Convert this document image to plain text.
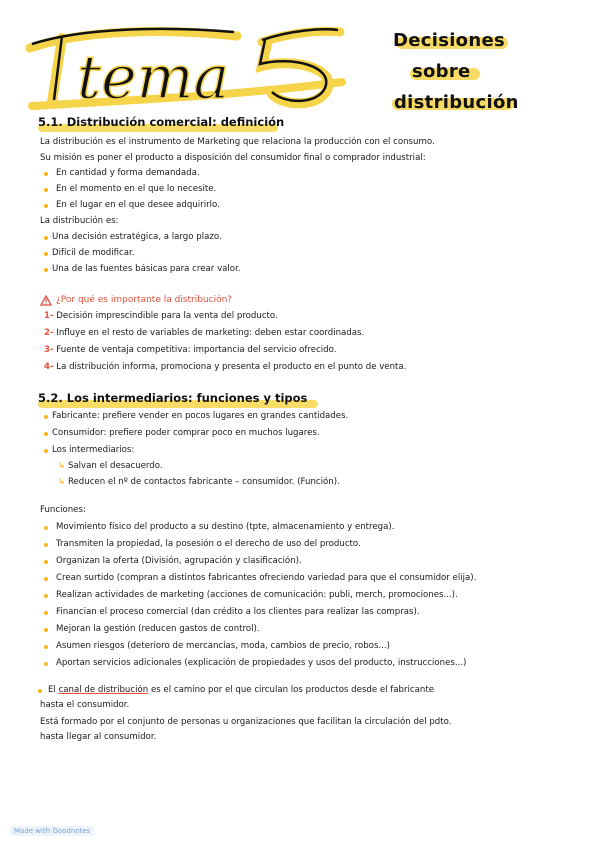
tema	5
Decisiones
sobre
distribución
5.1. Distribución comercial: definición
La distribución es el instrumento de Marketing que relaciona la producción con el consumo.
Su misión es poner el producto a disposición del consumidor final o comprador industrial:
En cantidad y forma demandada.
En el momento en el que lo necesite.
En el lugar en el que desee adquirirlo.
La distribución es:
Una decisión estratégica, a largo plazo.
Difícil de modificar.
Una de las fuentes básicas para crear valor.
¿Por qué es importante la distribución?
1- Decisión imprescindible para la venta del producto.
2- Influye en el resto de variables de marketing: deben estar coordinadas.
3- Fuente de ventaja competitiva: importancia del servicio ofrecido.
4- La distribución informa, promociona y presenta el producto en el punto de venta.
5.2. Los intermediarios: funciones y tipos
Fabricante: prefiere vender en pocos lugares en grandes cantidades.
Consumidor: prefiere poder comprar poco en muchos lugares.
Los intermediarios:
↳ Salvan el desacuerdo.
↳ Reducen el nº de contactos fabricante – consumidor. (Función).
Funciones:
Movimiento físico del producto a su destino (tpte, almacenamiento y entrega).
Transmiten la propiedad, la posesión o el derecho de uso del producto.
Organizan la oferta (División, agrupación y clasificación).
Crean surtido (compran a distintos fabricantes ofreciendo variedad para que el consumidor elija).
Realizan actividades de marketing (acciones de comunicación: publi, merch, promociones...).
Financian el proceso comercial (dan crédito a los clientes para realizar las compras).
Mejoran la gestión (reducen gastos de control).
Asumen riesgos (deterioro de mercancías, moda, cambios de precio, robos...)
Aportan servicios adicionales (explicación de propiedades y usos del producto, instrucciones...)
El canal de distribución es el camino por el que circulan los productos desde el fabricante
hasta el consumidor.
Está formado por el conjunto de personas u organizaciones que facilitan la circulación del pdto.
hasta llegar al consumidor.
Made with Goodnotes
